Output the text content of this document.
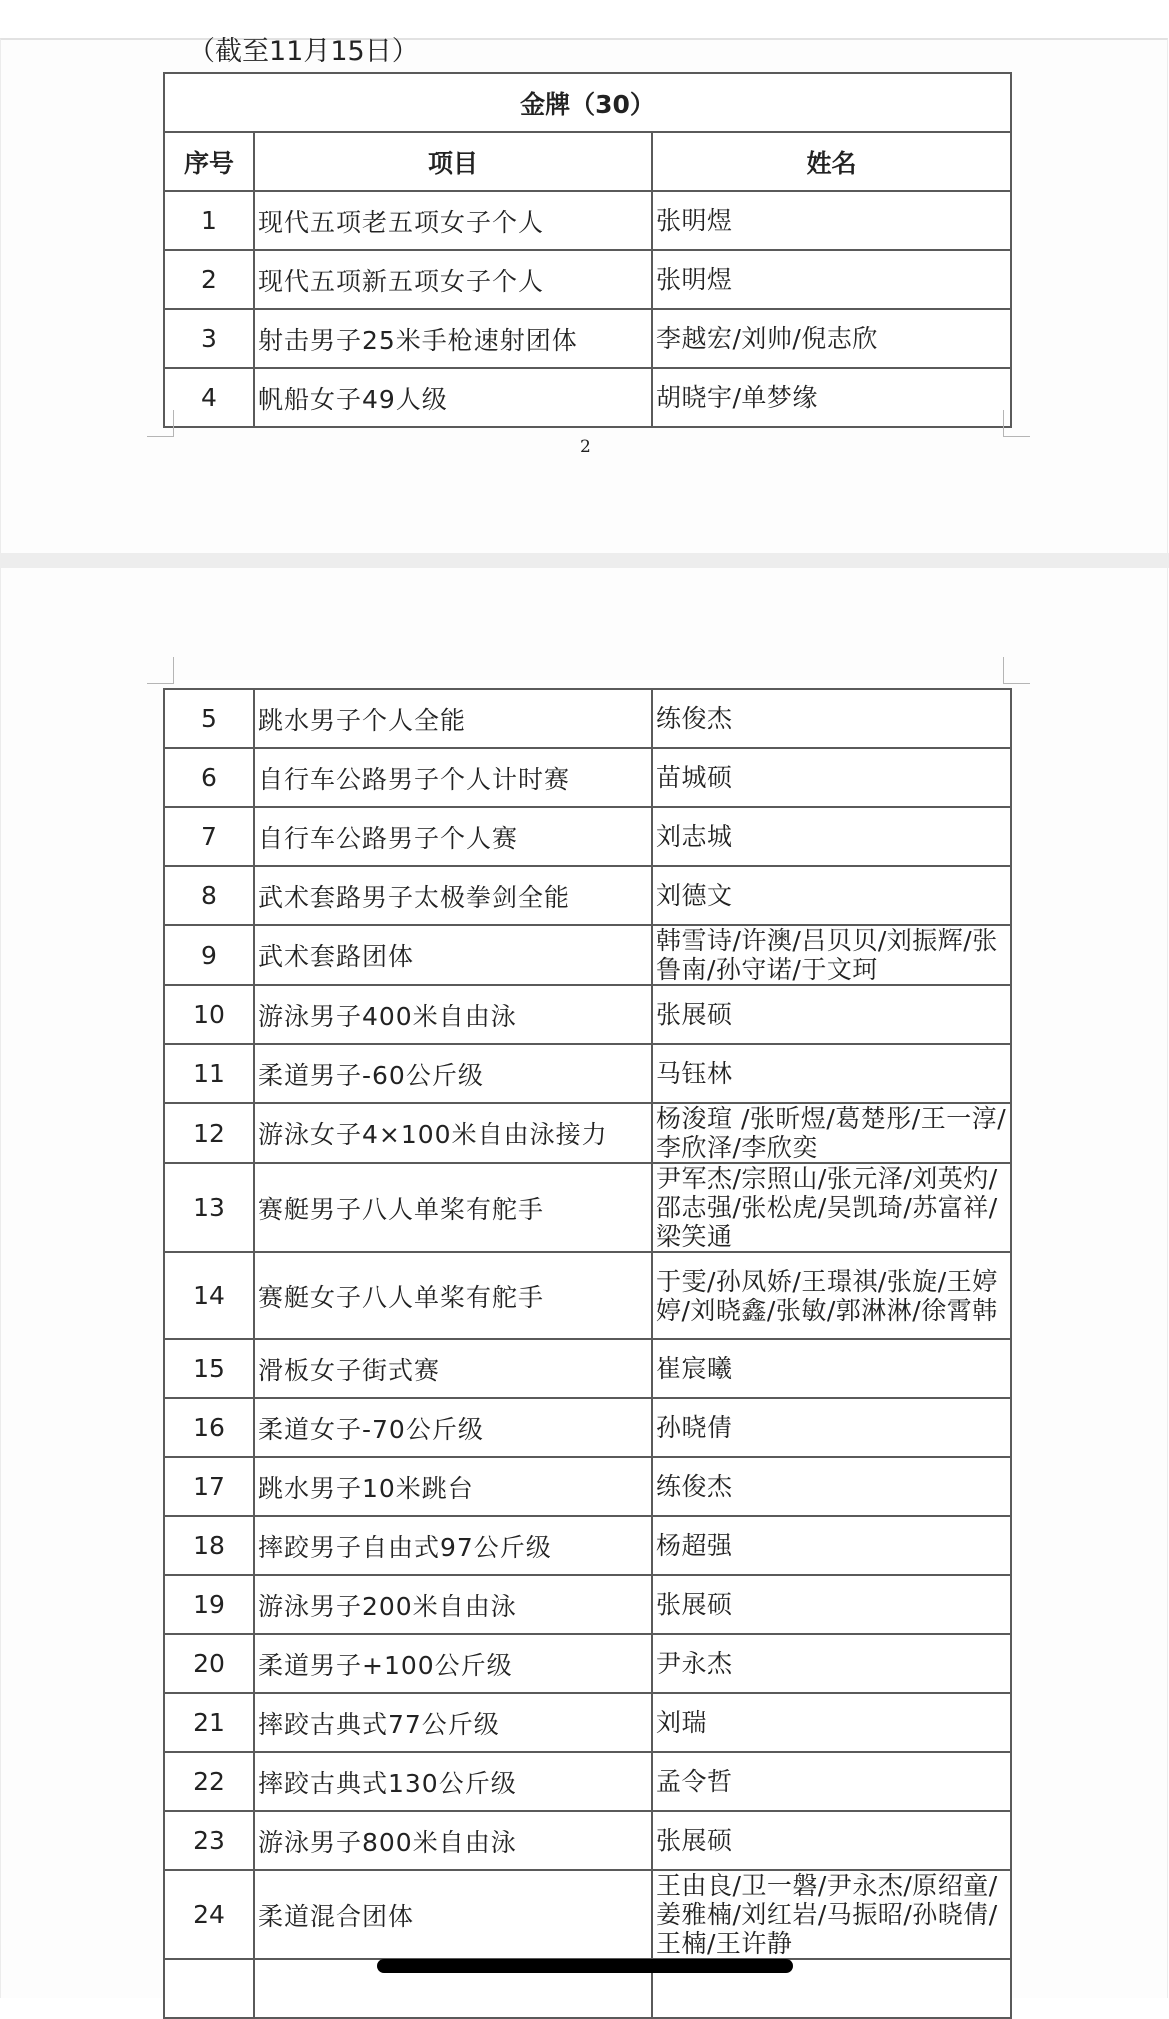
（截至11月15日）
金牌（30）		
序号	项目	姓名
1	现代五项老五项女子个人	张明煜
2	现代五项新五项女子个人	张明煜
3	射击男子25米手枪速射团体	李越宏/刘帅/倪志欣
4	帆船女子49人级	胡晓宇/单梦缘
2
5	跳水男子个人全能	练俊杰
6	自行车公路男子个人计时赛	苗城硕
7	自行车公路男子个人赛	刘志城
8	武术套路男子太极拳剑全能	刘德文
9	武术套路团体	韩雪诗/许澳/吕贝贝/刘振辉/张鲁南/孙守诺/于文珂
10	游泳男子400米自由泳	张展硕
11	柔道男子-60公斤级	马钰林
12	游泳女子4×100米自由泳接力	杨浚瑄 /张昕煜/葛楚彤/王一淳/李欣泽/李欣奕
13	赛艇男子八人单桨有舵手	尹军杰/宗照山/张元泽/刘英灼/邵志强/张松虎/吴凯琦/苏富祥/梁笑通
14	赛艇女子八人单桨有舵手	于雯/孙凤娇/王璟祺/张旋/王婷婷/刘晓鑫/张敏/郭淋淋/徐霄韩
15	滑板女子街式赛	崔宸曦
16	柔道女子-70公斤级	孙晓倩
17	跳水男子10米跳台	练俊杰
18	摔跤男子自由式97公斤级	杨超强
19	游泳男子200米自由泳	张展硕
20	柔道男子+100公斤级	尹永杰
21	摔跤古典式77公斤级	刘瑞
22	摔跤古典式130公斤级	孟令哲
23	游泳男子800米自由泳	张展硕
24	柔道混合团体	王由良/卫一磐/尹永杰/原绍童/姜雅楠/刘红岩/马振昭/孙晓倩/王楠/王许静
